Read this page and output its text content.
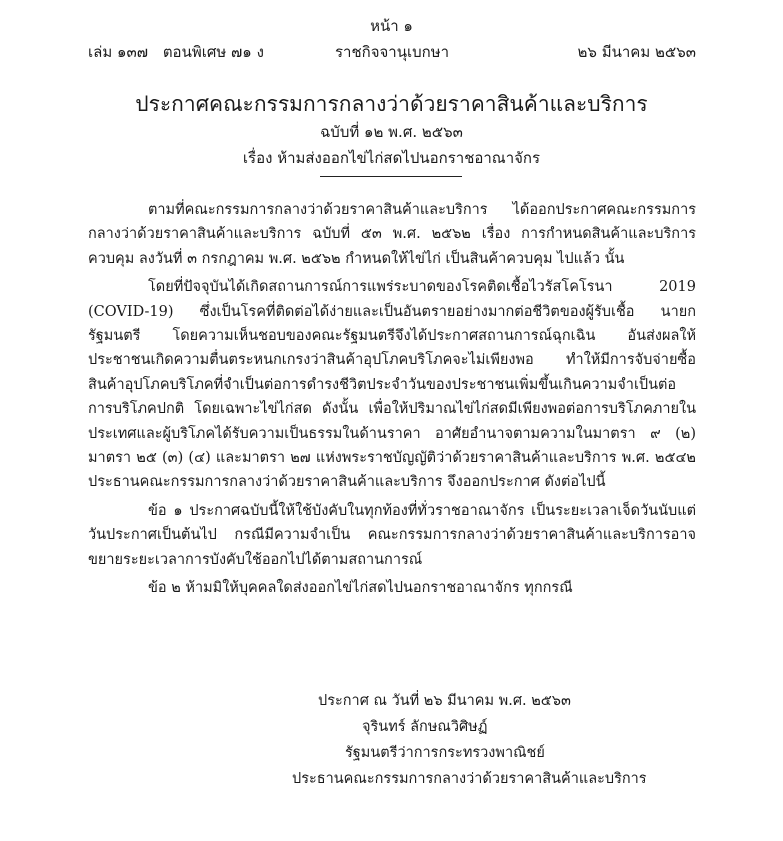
หน้า ๑
เล่ม ๑๓๗ ตอนพิเศษ ๗๑ ง	ราชกิจจานุเบกษา	๒๖ มีนาคม ๒๕๖๓
ประกาศคณะกรรมการกลางว่าด้วยราคาสินค้าและบริการ
ฉบับที่ ๑๒ พ.ศ. ๒๕๖๓
เรื่อง ห้ามส่งออกไข่ไก่สดไปนอกราชอาณาจักร

ตามที่คณะกรรมการกลางว่าด้วยราคาสินค้าและบริการ ได้ออกประกาศคณะกรรมการกลางว่าด้วยราคาสินค้าและบริการ ฉบับที่ ๕๓ พ.ศ. ๒๕๖๒ เรื่อง การกำหนดสินค้าและบริการควบคุม ลงวันที่ ๓ กรกฎาคม พ.ศ. ๒๕๖๒ กำหนดให้ไข่ไก่ เป็นสินค้าควบคุม ไปแล้ว นั้น

โดยที่ปัจจุบันได้เกิดสถานการณ์การแพร่ระบาดของโรคติดเชื้อไวรัสโคโรนา 2019 (COVID-19) ซึ่งเป็นโรคที่ติดต่อได้ง่ายและเป็นอันตรายอย่างมากต่อชีวิตของผู้รับเชื้อ นายกรัฐมนตรี โดยความเห็นชอบของคณะรัฐมนตรีจึงได้ประกาศสถานการณ์ฉุกเฉิน อันส่งผลให้ประชาชนเกิดความตื่นตระหนกเกรงว่าสินค้าอุปโภคบริโภคจะไม่เพียงพอ ทำให้มีการจับจ่ายซื้อสินค้าอุปโภคบริโภคที่จำเป็นต่อการดำรงชีวิตประจำวันของประชาชนเพิ่มขึ้นเกินความจำเป็นต่อการบริโภคปกติ โดยเฉพาะไข่ไก่สด ดังนั้น เพื่อให้ปริมาณไข่ไก่สดมีเพียงพอต่อการบริโภคภายในประเทศและผู้บริโภคได้รับความเป็นธรรมในด้านราคา อาศัยอำนาจตามความในมาตรา ๙ (๒) มาตรา ๒๕ (๓) (๔) และมาตรา ๒๗ แห่งพระราชบัญญัติว่าด้วยราคาสินค้าและบริการ พ.ศ. ๒๕๔๒ ประธานคณะกรรมการกลางว่าด้วยราคาสินค้าและบริการ จึงออกประกาศ ดังต่อไปนี้

ข้อ ๑ ประกาศฉบับนี้ให้ใช้บังคับในทุกท้องที่ทั่วราชอาณาจักร เป็นระยะเวลาเจ็ดวันนับแต่วันประกาศเป็นต้นไป กรณีมีความจำเป็น คณะกรรมการกลางว่าด้วยราคาสินค้าและบริการอาจขยายระยะเวลาการบังคับใช้ออกไปได้ตามสถานการณ์

ข้อ ๒ ห้ามมิให้บุคคลใดส่งออกไข่ไก่สดไปนอกราชอาณาจักร ทุกกรณี

ประกาศ ณ วันที่ ๒๖ มีนาคม พ.ศ. ๒๕๖๓
จุรินทร์ ลักษณวิศิษฏ์
รัฐมนตรีว่าการกระทรวงพาณิชย์
ประธานคณะกรรมการกลางว่าด้วยราคาสินค้าและบริการ
